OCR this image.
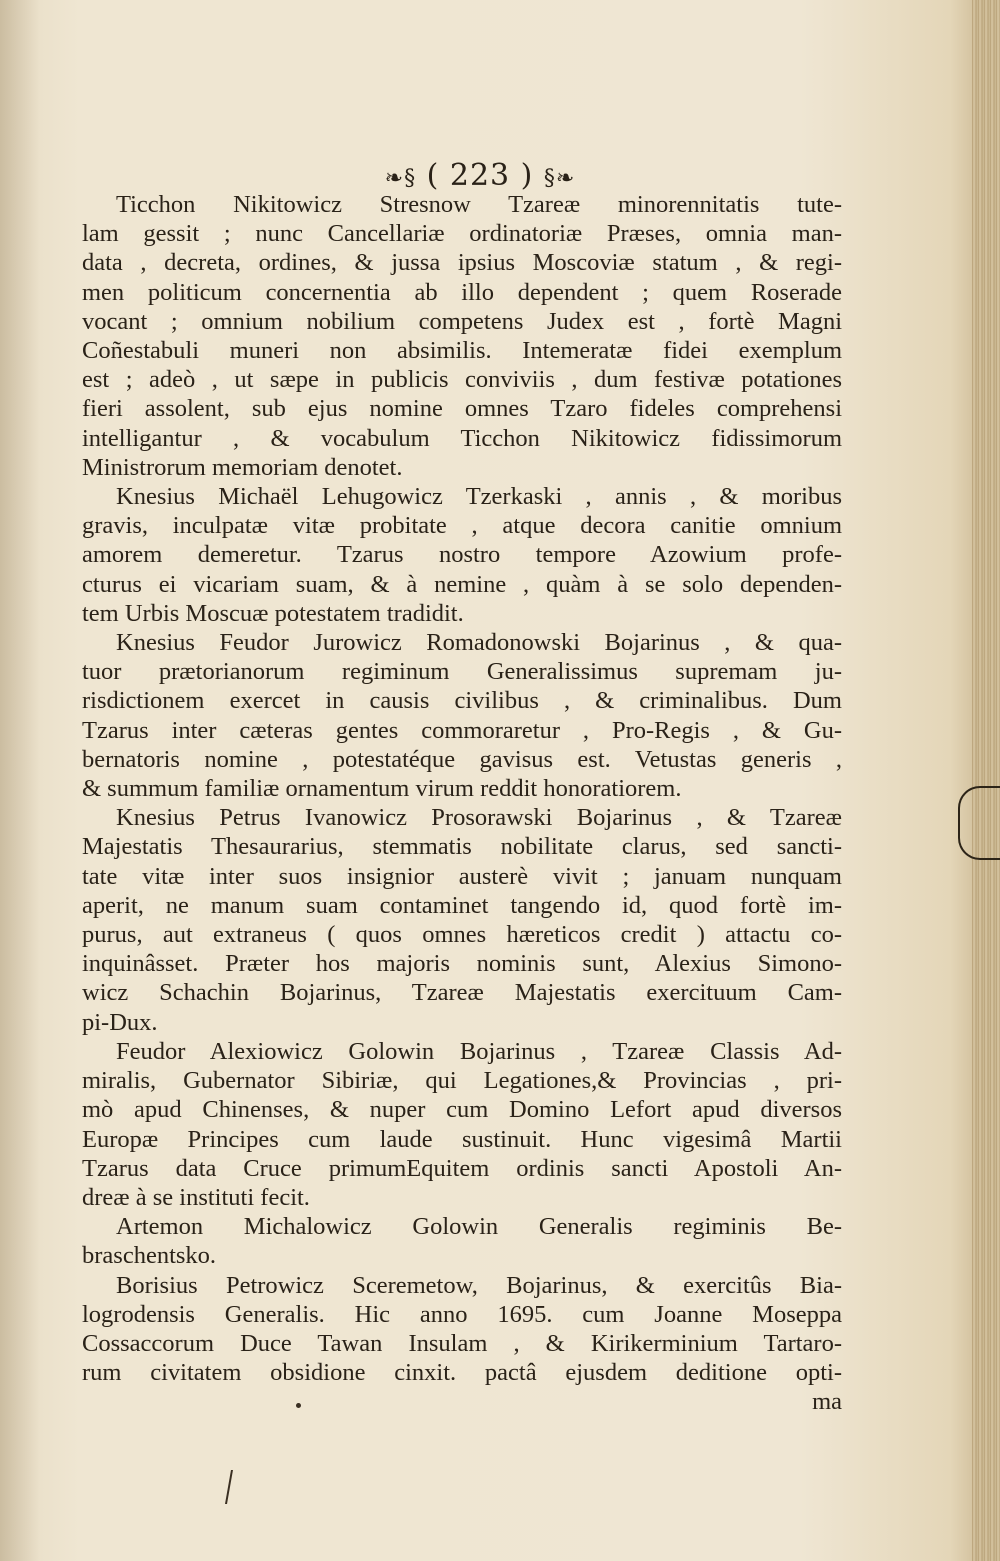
❧§ ( 223 ) §❧
Ticchon Nikitowicz Stresnow Tzareæ minorennitatis tute-
lam gessit ; nunc Cancellariæ ordinatoriæ Præses, omnia man-
data , decreta, ordines, & jussa ipsius Moscoviæ statum , & regi-
men politicum concernentia ab illo dependent ; quem Roserade
vocant ; omnium nobilium competens Judex est , fortè Magni
Coñestabuli muneri non absimilis. Intemeratæ fidei exemplum
est ; adeò , ut sæpe in publicis conviviis , dum festivæ potationes
fieri assolent, sub ejus nomine omnes Tzaro fideles comprehensi
intelligantur , & vocabulum Ticchon Nikitowicz fidissimorum
Ministrorum memoriam denotet.
Knesius Michaël Lehugowicz Tzerkaski , annis , & moribus
gravis, inculpatæ vitæ probitate , atque decora canitie omnium
amorem demeretur. Tzarus nostro tempore Azowium profe-
cturus ei vicariam suam, & à nemine , quàm à se solo dependen-
tem Urbis Moscuæ potestatem tradidit.
Knesius Feudor Jurowicz Romadonowski Bojarinus , & qua-
tuor prætorianorum regiminum Generalissimus supremam ju-
risdictionem exercet in causis civilibus , & criminalibus. Dum
Tzarus inter cæteras gentes commoraretur , Pro-Regis , & Gu-
bernatoris nomine , potestatéque gavisus est. Vetustas generis ,
& summum familiæ ornamentum virum reddit honoratiorem.
Knesius Petrus Ivanowicz Prosorawski Bojarinus , & Tzareæ
Majestatis Thesaurarius, stemmatis nobilitate clarus, sed sancti-
tate vitæ inter suos insignior austerè vivit ; januam nunquam
aperit, ne manum suam contaminet tangendo id, quod fortè im-
purus, aut extraneus ( quos omnes hæreticos credit ) attactu co-
inquinâsset. Præter hos majoris nominis sunt, Alexius Simono-
wicz Schachin Bojarinus, Tzareæ Majestatis exercituum Cam-
pi-Dux.
Feudor Alexiowicz Golowin Bojarinus , Tzareæ Classis Ad-
miralis, Gubernator Sibiriæ, qui Legationes,& Provincias , pri-
mò apud Chinenses, & nuper cum Domino Lefort apud diversos
Europæ Principes cum laude sustinuit. Hunc vigesimâ Martii
Tzarus data Cruce primumEquitem ordinis sancti Apostoli An-
dreæ à se instituti fecit.
Artemon Michalowicz Golowin Generalis regiminis Be-
braschentsko.
Borisius Petrowicz Sceremetow, Bojarinus, & exercitûs Bia-
logrodensis Generalis. Hic anno 1695. cum Joanne Moseppa
Cossaccorum Duce Tawan Insulam , & Kirikerminium Tartaro-
rum civitatem obsidione cinxit. pactâ ejusdem deditione opti-
ma
